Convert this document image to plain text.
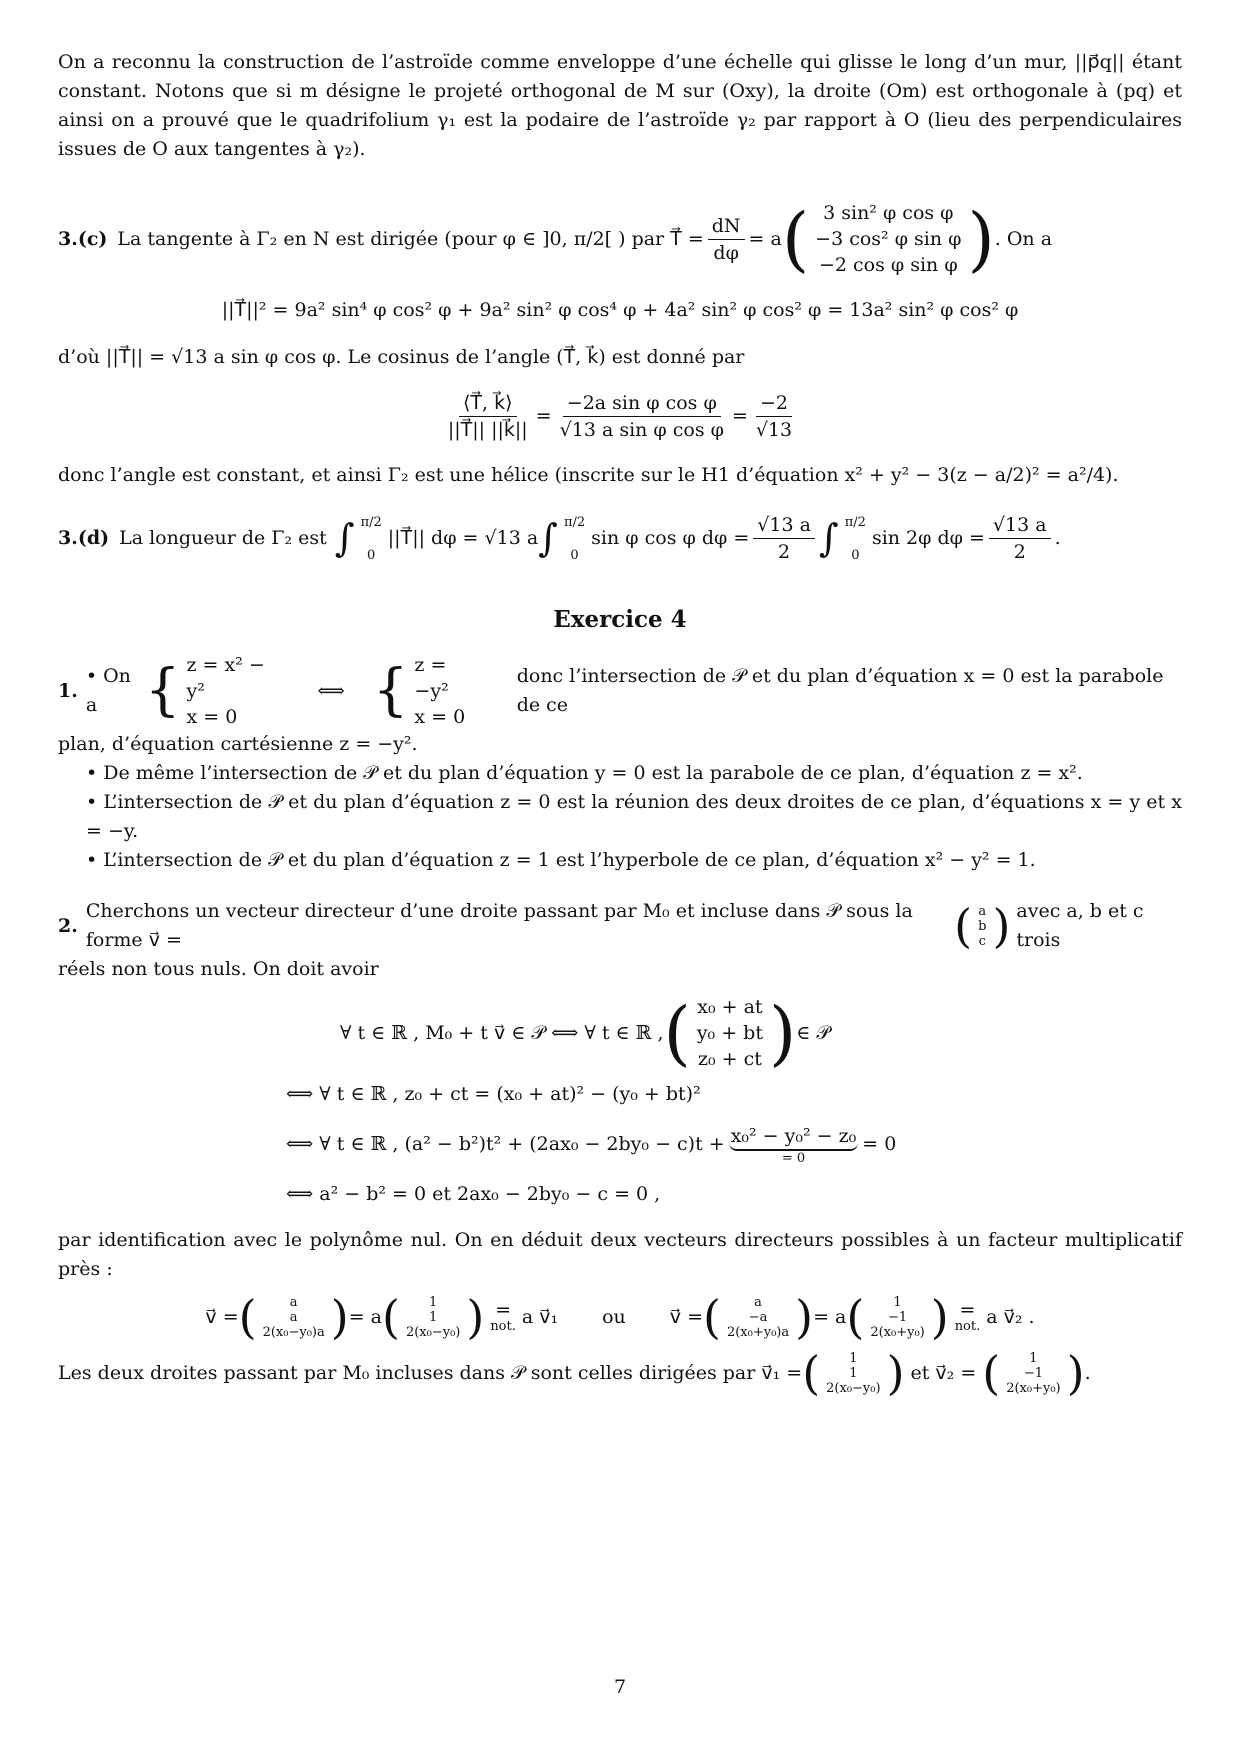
On a reconnu la construction de l’astroïde comme enveloppe d’une échelle qui glisse le long d’un mur, ||p⃗q|| étant constant. Notons que si m désigne le projeté orthogonal de M sur (Oxy), la droite (Om) est orthogonale à (pq) et ainsi on a prouvé que le quadrifolium γ₁ est la podaire de l’astroïde γ₂ par rapport à O (lieu des perpendiculaires issues de O aux tangentes à γ₂).

3.(c) La tangente à Γ₂ en N est dirigée (pour φ ∈ ]0, π/2[ ) par T⃗ = $\frac{dN}{d\varphi} = a$ ( 3 sin² φ cos φ
−3 cos² φ sin φ
−2 cos φ sin φ ) . On a
||T⃗||² = 9a² sin⁴ φ cos² φ + 9a² sin² φ cos⁴ φ + 4a² sin² φ cos² φ = 13a² sin² φ cos² φ

d’où ||T⃗|| = √13 a sin φ cos φ. Le cosinus de l’angle (T⃗, k⃗) est donné par

$\frac{⟨T⃗, k⃗⟩}{||T⃗|| ||k⃗||} = \frac{\text{−2a sin φ cos φ}}{\text{√13 a sin φ cos φ}} = \frac{-2}{√13}$

donc l’angle est constant, et ainsi Γ₂ est une hélice (inscrite sur le H1 d’équation x² + y² − 3(z − a/2)² = a²/4).

3.(d) La longueur de Γ₂ est ∫ π/2
0
||T⃗|| dφ = √13 a ∫ π/2
0
sin φ cos φ $d\varphi = \frac{√13 a}{2}$ ∫ π/2
0
sin 2φ $d\varphi = \frac{√13 a}{2}$ .
Exercice 4
1.
• On a { z = x² − y²
x = 0
⟺ { z = −y²
x = 0
donc l’intersection de 𝒫 et du plan d’équation x = 0 est la parabole de ce

plan, d’équation cartésienne z = −y².

• De même l’intersection de 𝒫 et du plan d’équation y = 0 est la parabole de ce plan, d’équation z = x².

• L’intersection de 𝒫 et du plan d’équation z = 0 est la réunion des deux droites de ce plan, d’équations x = y et x = −y.

• L’intersection de 𝒫 et du plan d’équation z = 1 est l’hyperbole de ce plan, d’équation x² − y² = 1.

2.
Cherchons un vecteur directeur d’une droite passant par M₀ et incluse dans 𝒫 sous la forme v⃗ =	( a
b
c ) avec a, b et c trois

réels non tous nuls. On doit avoir

∀ t ∈ ℝ , M₀ + t v⃗ ∈ 𝒫 ⟺ ∀ t ∈ ℝ , ( x₀ + at
y₀ + bt
z₀ + ct ) ∈ 𝒫
⟺ ∀ t ∈ ℝ , z₀ + ct = (x₀ + at)² − (y₀ + bt)²
⟺ ∀ t ∈ ℝ , (a² − b²)t² + (2ax₀ − 2by₀ − c)t + x₀² − y₀² − z₀
= 0
= 0
⟺ a² − b² = 0 et 2ax₀ − 2by₀ − c = 0 ,

par identification avec le polynôme nul. On en déduit deux vecteurs directeurs possibles à un facteur multiplicatif près :

v⃗ = (	a
a
2(x₀−y₀)a ) = a ( 1
1
2(x₀−y₀) ) =
not. a v⃗₁ ou v⃗ = (	a
−a
2(x₀+y₀)a ) = a ( 1
−1
2(x₀+y₀) ) =
not. a v⃗₂ .
Les deux droites passant par M₀ incluses dans 𝒫 sont celles dirigées par v⃗₁ = ( 1
1
2(x₀−y₀) ) et v⃗₂ = ( 1
−1
2(x₀+y₀) ) .
7
